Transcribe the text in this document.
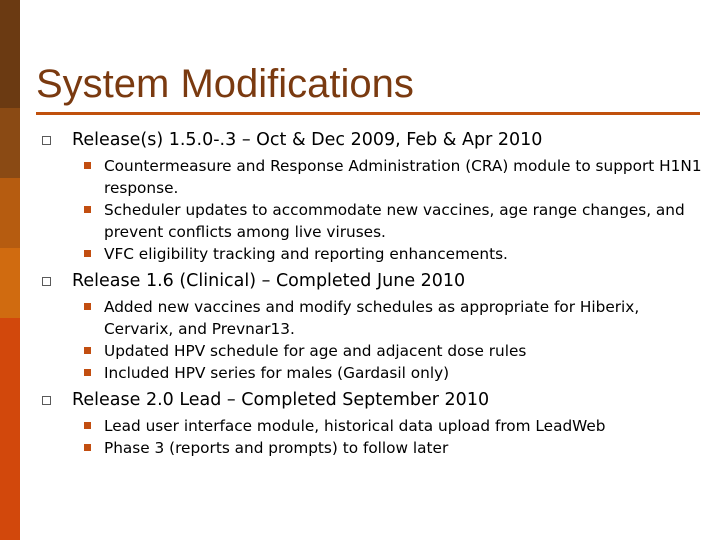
System Modifications
Release(s) 1.5.0-.3 – Oct & Dec 2009, Feb & Apr 2010
Countermeasure and Response Administration (CRA) module to support H1N1 response.
Scheduler updates to accommodate new vaccines, age range changes, and prevent conflicts among live viruses.
VFC eligibility tracking and reporting enhancements.
Release 1.6 (Clinical) – Completed June 2010
Added new vaccines and modify schedules as appropriate for Hiberix, Cervarix, and Prevnar13.
Updated HPV schedule for age and adjacent dose rules
Included HPV series for males (Gardasil only)
Release 2.0 Lead – Completed September 2010
Lead user interface module, historical data upload from LeadWeb
Phase 3 (reports and prompts) to follow later
